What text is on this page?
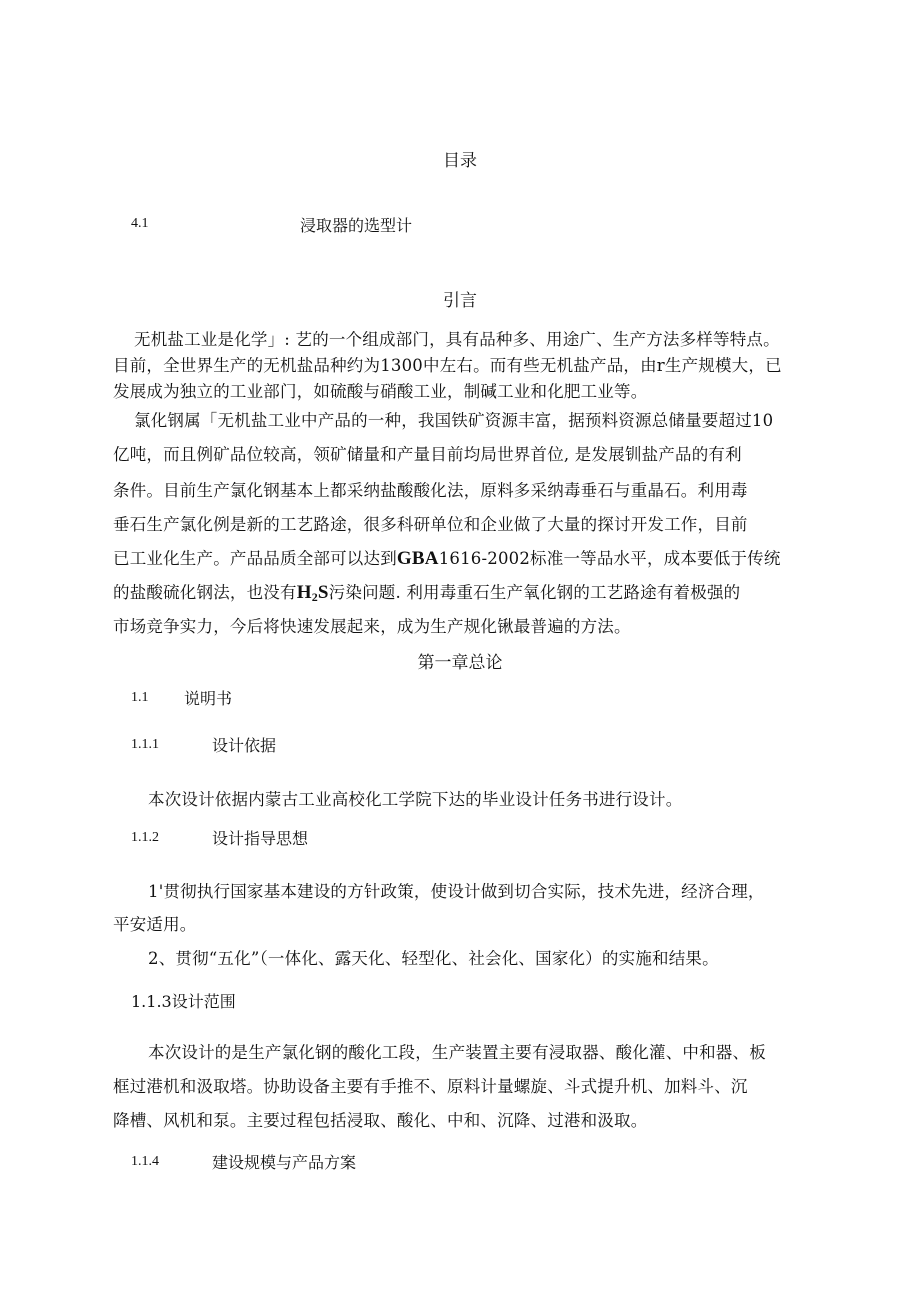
目录
4.1	浸取器的选型计
引言
无机盐工业是化学」: 艺的一个组成部门，具有品种多、用途广、生产方法多样等特点。
目前，全世界生产的无机盐品种约为1300中左右。而有些无机盐产品，由r生产规模大，已
发展成为独立的工业部门，如硫酸与硝酸工业，制碱工业和化肥工业等。
氯化钢属「无机盐工业中产品的一种，我国铁矿资源丰富，据预料资源总储量要超过10
亿吨，而且例矿品位较高，领矿储量和产量目前均局世界首位, 是发展钏盐产品的有利
条件。目前生产氯化钢基本上都采纳盐酸酸化法，原料多采纳毒垂石与重晶石。利用毒
垂石生产氯化例是新的工艺路途，很多科研单位和企业做了大量的探讨开发工作，目前
已工业化生产。产品品质全部可以达到GBA1616-2002标准一等品水平，成本要低于传统
的盐酸硫化钢法，也没有$H_2S$污染问题. 利用毒重石生产氧化钢的工艺路途有着极强的
市场竞争实力，今后将快速发展起来，成为生产规化锹最普遍的方法。
第一章总论
1.1 说明书
1.1.1	设计依据
本次设计依据内蒙古工业高校化工学院下达的毕业设计任务书进行设计。
1.1.2	设计指导思想
1'贯彻执行国家基本建设的方针政策，使设计做到切合实际，技术先进，经济合理，
平安适用。
2、贯彻“五化”（一体化、露天化、轻型化、社会化、国家化）的实施和结果。
1.1.3设计范围
本次设计的是生产氯化钢的酸化工段，生产装置主要有浸取器、酸化灌、中和器、板
框过港机和汲取塔。协助设备主要有手推不、原料计量螺旋、斗式提升机、加料斗、沉
降槽、风机和泵。主要过程包括浸取、酸化、中和、沉降、过港和汲取。
1.1.4	建设规模与产品方案
